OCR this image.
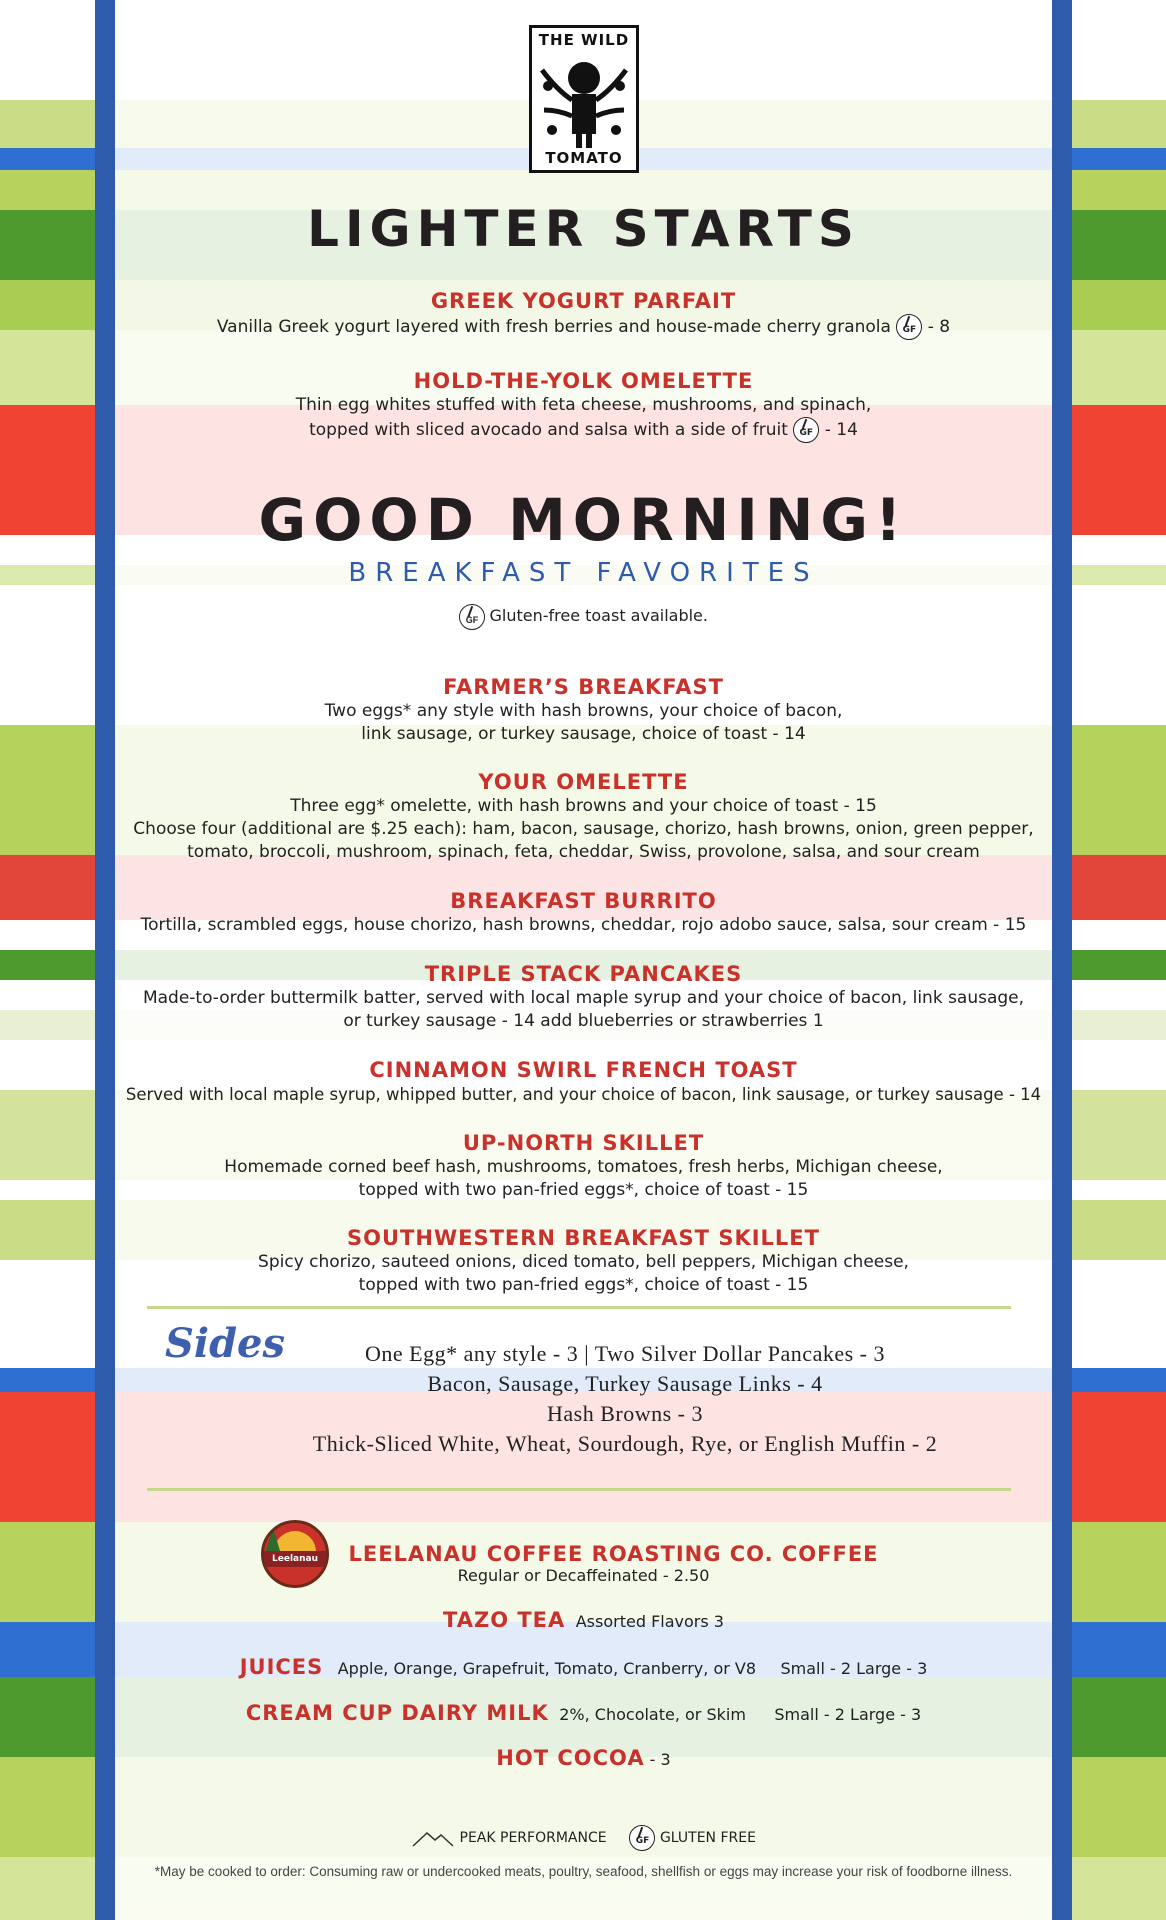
THE WILD
TOMATO
LIGHTER STARTS
GREEK YOGURT PARFAIT
Vanilla Greek yogurt layered with fresh berries and house-made cherry granola GF - 8
HOLD-THE-YOLK OMELETTE
Thin egg whites stuffed with feta cheese, mushrooms, and spinach,
topped with sliced avocado and salsa with a side of fruit GF - 14
GOOD MORNING!
BREAKFAST FAVORITES
GF Gluten-free toast available.
FARMER’S BREAKFAST
Two eggs* any style with hash browns, your choice of bacon,
link sausage, or turkey sausage, choice of toast - 14
YOUR OMELETTE
Three egg* omelette, with hash browns and your choice of toast - 15
Choose four (additional are $.25 each): ham, bacon, sausage, chorizo, hash browns, onion, green pepper,
tomato, broccoli, mushroom, spinach, feta, cheddar, Swiss, provolone, salsa, and sour cream
BREAKFAST BURRITO
Tortilla, scrambled eggs, house chorizo, hash browns, cheddar, rojo adobo sauce, salsa, sour cream - 15
TRIPLE STACK PANCAKES
Made-to-order buttermilk batter, served with local maple syrup and your choice of bacon, link sausage,
or turkey sausage - 14 add blueberries or strawberries 1
CINNAMON SWIRL FRENCH TOAST
Served with local maple syrup, whipped butter, and your choice of bacon, link sausage, or turkey sausage - 14
UP-NORTH SKILLET
Homemade corned beef hash, mushrooms, tomatoes, fresh herbs, Michigan cheese,
topped with two pan-fried eggs*, choice of toast - 15
SOUTHWESTERN BREAKFAST SKILLET
Spicy chorizo, sauteed onions, diced tomato, bell peppers, Michigan cheese,
topped with two pan-fried eggs*, choice of toast - 15
Sides	One Egg* any style - 3 | Two Silver Dollar Pancakes - 3
Bacon, Sausage, Turkey Sausage Links - 4
Hash Browns - 3
Thick-Sliced White, Wheat, Sourdough, Rye, or English Muffin - 2
Leelanau	LEELANAU COFFEE ROASTING CO. COFFEE
Regular or Decaffeinated - 2.50
TAZO TEA Assorted Flavors 3
JUICES Apple, Orange, Grapefruit, Tomato, Cranberry, or V8 Small - 2 Large - 3
CREAM CUP DAIRY MILK 2%, Chocolate, or Skim Small - 2 Large - 3
HOT COCOA - 3
PEAK PERFORMANCE	GF GLUTEN FREE
*May be cooked to order: Consuming raw or undercooked meats, poultry, seafood, shellfish or eggs may increase your risk of foodborne illness.
